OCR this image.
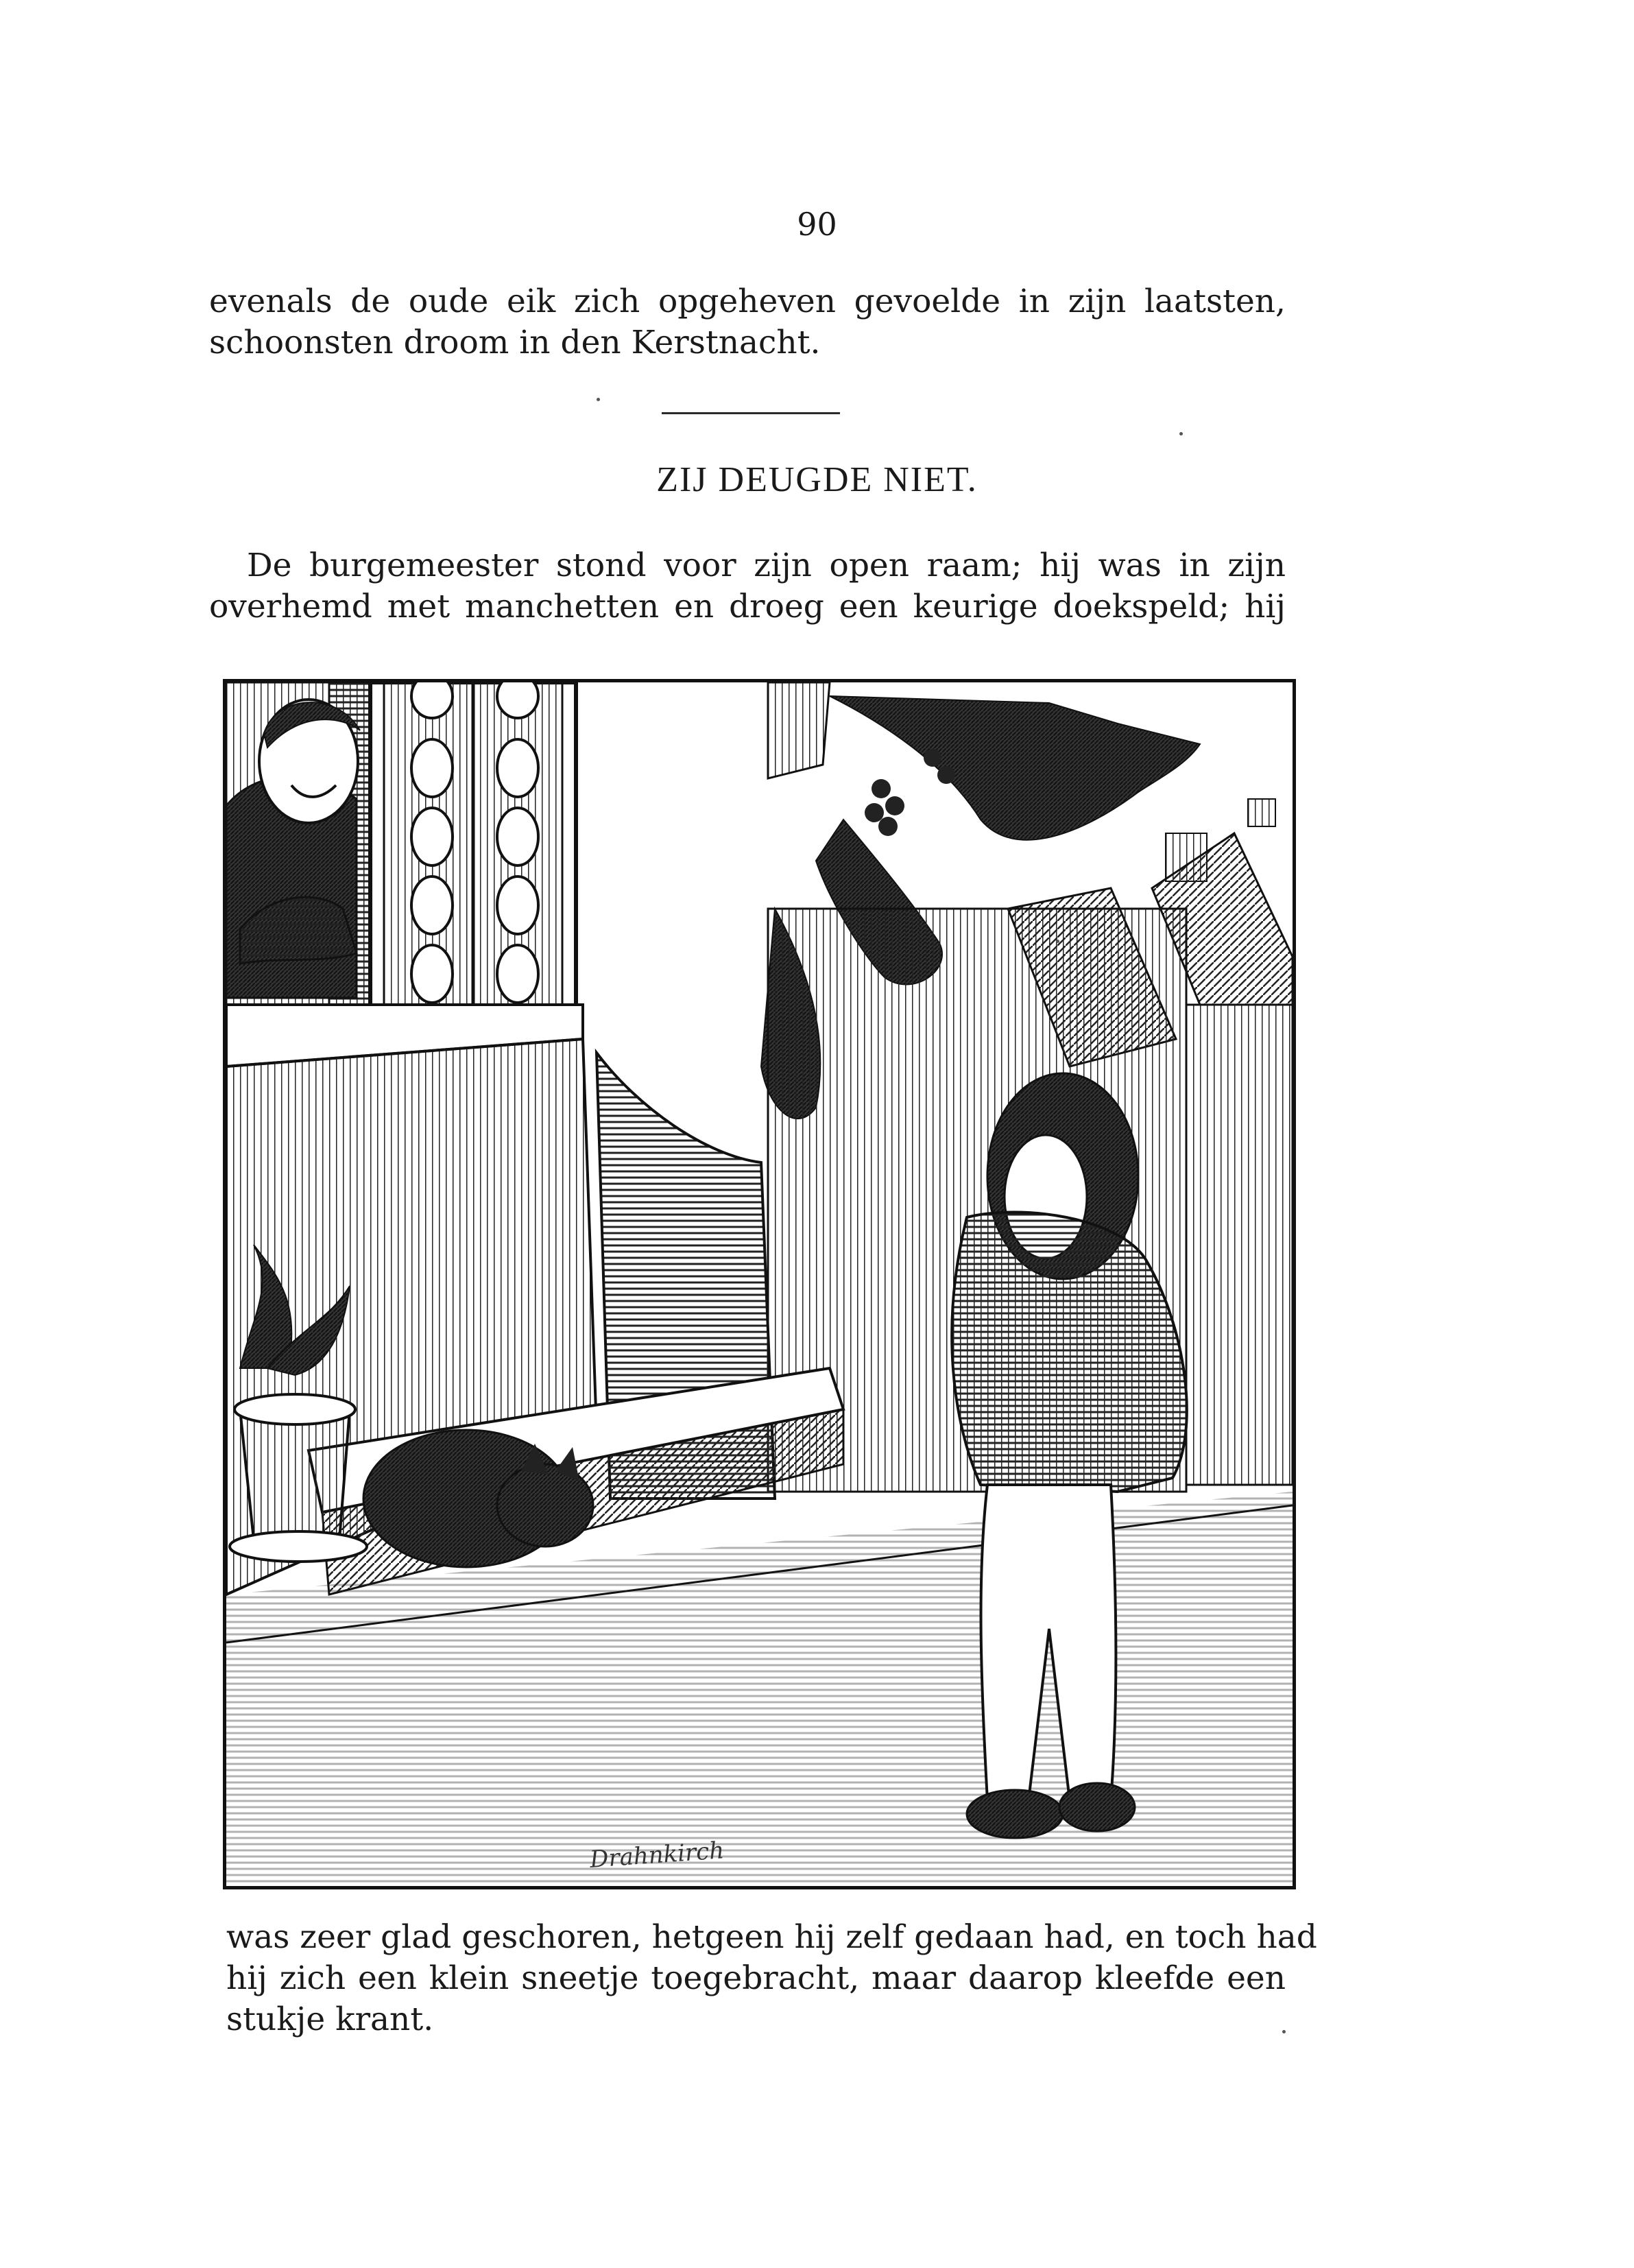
90
evenals de oude eik zich opgeheven gevoelde in zijn laatsten,
schoonsten droom in den Kerstnacht.
ZIJ DEUGDE NIET.
De burgemeester stond voor zijn open raam; hij was in zijn
overhemd met manchetten en droeg een keurige doekspeld; hij
Drahnkirch
was zeer glad geschoren, hetgeen hij zelf gedaan had, en toch had
hij zich een klein sneetje toegebracht, maar daarop kleefde een
stukje krant.
